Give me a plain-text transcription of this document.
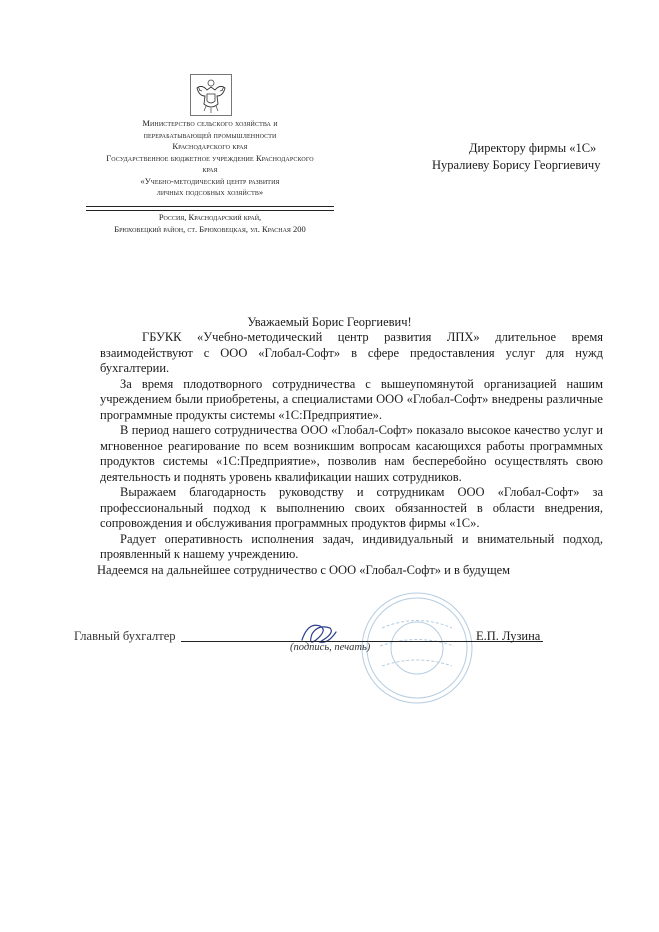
Министерство сельского хозяйства и
перерабатывающей промышленности
Краснодарского края
Государственное бюджетное учреждение Краснодарского
края
«Учебно-методический центр развития
личных подсобных хозяйств»
Россия, Краснодарский край,
Брюховецкий район, ст. Брюховецкая, ул. Красная 200
Директору фирмы «1С»
Нуралиеву Борису Георгиевичу
Уважаемый Борис Георгиевич!

ГБУКК «Учебно-методический центр развития ЛПХ» длительное время взаимодействуют с ООО «Глобал-Софт» в сфере предоставления услуг для нужд бухгалтерии.

За время плодотворного сотрудничества с вышеупомянутой организацией нашим учреждением были приобретены, а специалистами ООО «Глобал-Софт» внедрены различные программные продукты системы «1С:Предприятие».

В период нашего сотрудничества ООО «Глобал-Софт» показало высокое качество услуг и мгновенное реагирование по всем возникшим вопросам касающихся работы программных продуктов системы «1С:Предприятие», позволив нам бесперебойно осуществлять свою деятельность и поднять уровень квалификации наших сотрудников.

Выражаем благодарность руководству и сотрудникам ООО «Глобал-Софт» за профессиональный подход к выполнению своих обязанностей в области внедрения, сопровождения и обслуживания программных продуктов фирмы «1С».

Радует оперативность исполнения задач, индивидуальный и внимательный подход, проявленный к нашему учреждению.

Надеемся на дальнейшее сотрудничество с ООО «Глобал-Софт» и в будущем

Главный бухгалтер	Е.П. Лузина
(подпись, печать)
